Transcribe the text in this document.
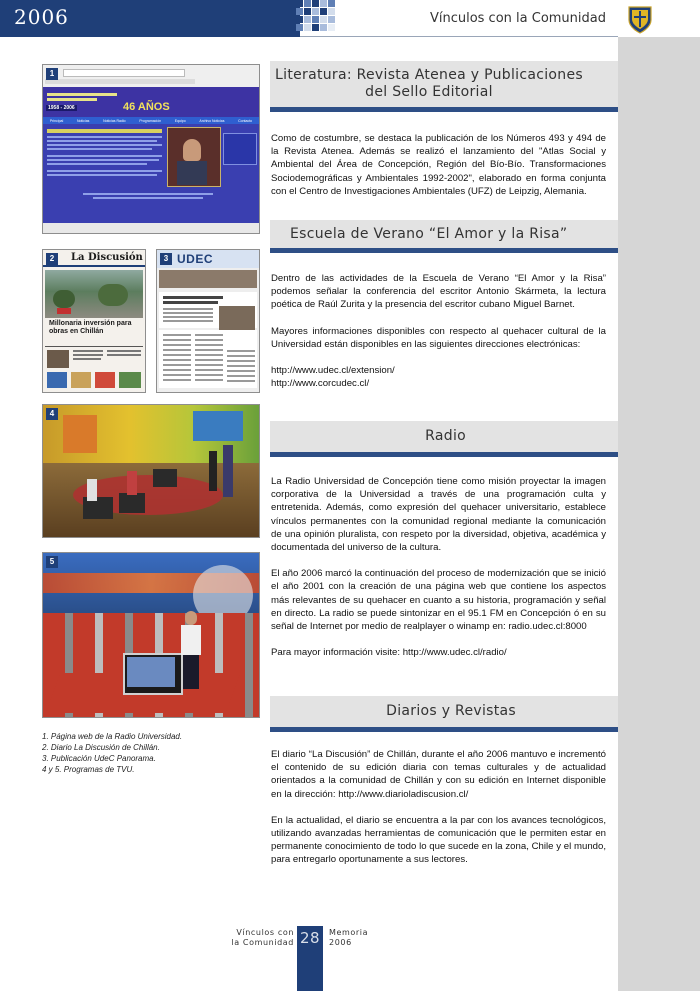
2006	Vínculos con la Comunidad
46 AÑOS
1958 - 2006
Principal	Noticias	Noticias Radio	Programación	Equipo	Archivo Noticias	Contacto
1
La Discusión
Millonaria inversión para obras en Chillán
2	UDEC
3
4
5
1. Página web de la Radio Universidad.
2. Diario La Discusión de Chillán.
3. Publicación UdeC Panorama.
4 y 5. Programas de TVU.
Literatura: Revista Atenea y Publicaciones
del Sello Editorial

Como de costumbre, se destaca la publicación de los Números 493 y 494 de la Revista Atenea. Además se realizó el lanzamiento del "Atlas Social y Ambiental del Área de Concepción, Región del Bío-Bío. Transformaciones Sociodemográficas y Ambientales 1992-2002", elaborado en forma conjunta con el Centro de Investigaciones Ambientales (UFZ) de Leipzig, Alemania.

Escuela de Verano “El Amor y la Risa”

Dentro de las actividades de la Escuela de Verano “El Amor y la Risa” podemos señalar la conferencia del escritor Antonio Skármeta, la lectura poética de Raúl Zurita y la presencia del escritor cubano Miguel Barnet.

Mayores informaciones disponibles con respecto al quehacer cultural de la Universidad están disponibles en las siguientes direcciones electrónicas:

http://www.udec.cl/extension/
http://www.corcudec.cl/
Radio

La Radio Universidad de Concepción tiene como misión proyectar la imagen corporativa de la Universidad a través de una programación culta y entretenida. Además, como expresión del quehacer universitario, establece vínculos permanentes con la comunidad regional mediante la comunicación de una opinión pluralista, con respeto por la diversidad, objetiva, académica y documentada del universo de la cultura.

El año 2006 marcó la continuación del proceso de modernización que se inició el año 2001 con la creación de una página web que contiene los aspectos más relevantes de su quehacer en cuanto a su historia, programación y señal en directo. La radio se puede sintonizar en el 95.1 FM en Concepción ó en su señal de Internet por medio de realplayer o winamp en: radio.udec.cl:8000

Para mayor información visite: http://www.udec.cl/radio/

Diarios y Revistas

El diario “La Discusión” de Chillán, durante el año 2006 mantuvo e incrementó el contenido de su edición diaria con temas culturales y de actualidad orientados a la comunidad de Chillán y con su edición en Internet disponible en la dirección: http://www.diarioladiscusion.cl/

En la actualidad, el diario se encuentra a la par con los avances tecnológicos, utilizando avanzadas herramientas de comunicación que le permiten estar en permanente conocimiento de todo lo que sucede en la zona, Chile y el mundo, para entregarlo oportunamente a sus lectores.

Vínculos con
la Comunidad 28	Memoria
2006
